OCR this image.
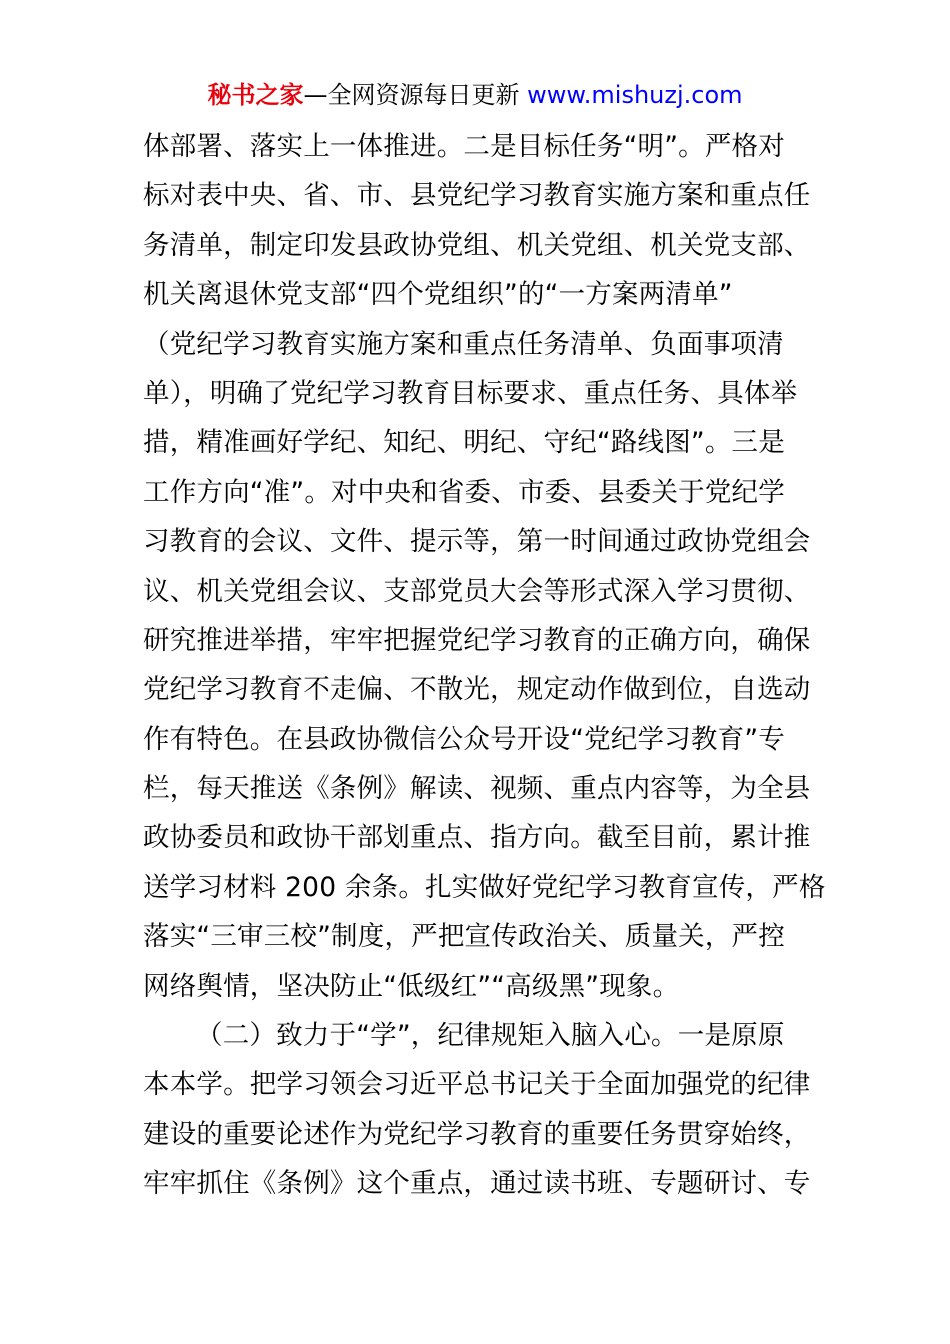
秘书之家—全网资源每日更新 www.mishuzj.com
体部署、落实上一体推进。二是目标任务“明”。严格对
标对表中央、省、市、县党纪学习教育实施方案和重点任
务清单，制定印发县政协党组、机关党组、机关党支部、
机关离退休党支部“四个党组织”的“一方案两清单”
（党纪学习教育实施方案和重点任务清单、负面事项清
单），明确了党纪学习教育目标要求、重点任务、具体举
措，精准画好学纪、知纪、明纪、守纪“路线图”。三是
工作方向“准”。对中央和省委、市委、县委关于党纪学
习教育的会议、文件、提示等，第一时间通过政协党组会
议、机关党组会议、支部党员大会等形式深入学习贯彻、
研究推进举措，牢牢把握党纪学习教育的正确方向，确保
党纪学习教育不走偏、不散光，规定动作做到位，自选动
作有特色。在县政协微信公众号开设“党纪学习教育”专
栏，每天推送《条例》解读、视频、重点内容等，为全县
政协委员和政协干部划重点、指方向。截至目前，累计推
送学习材料 200 余条。扎实做好党纪学习教育宣传，严格
落实“三审三校”制度，严把宣传政治关、质量关，严控
网络舆情，坚决防止“低级红”“高级黑”现象。
（二）致力于“学”，纪律规矩入脑入心。一是原原
本本学。把学习领会习近平总书记关于全面加强党的纪律
建设的重要论述作为党纪学习教育的重要任务贯穿始终，
牢牢抓住《条例》这个重点，通过读书班、专题研讨、专
